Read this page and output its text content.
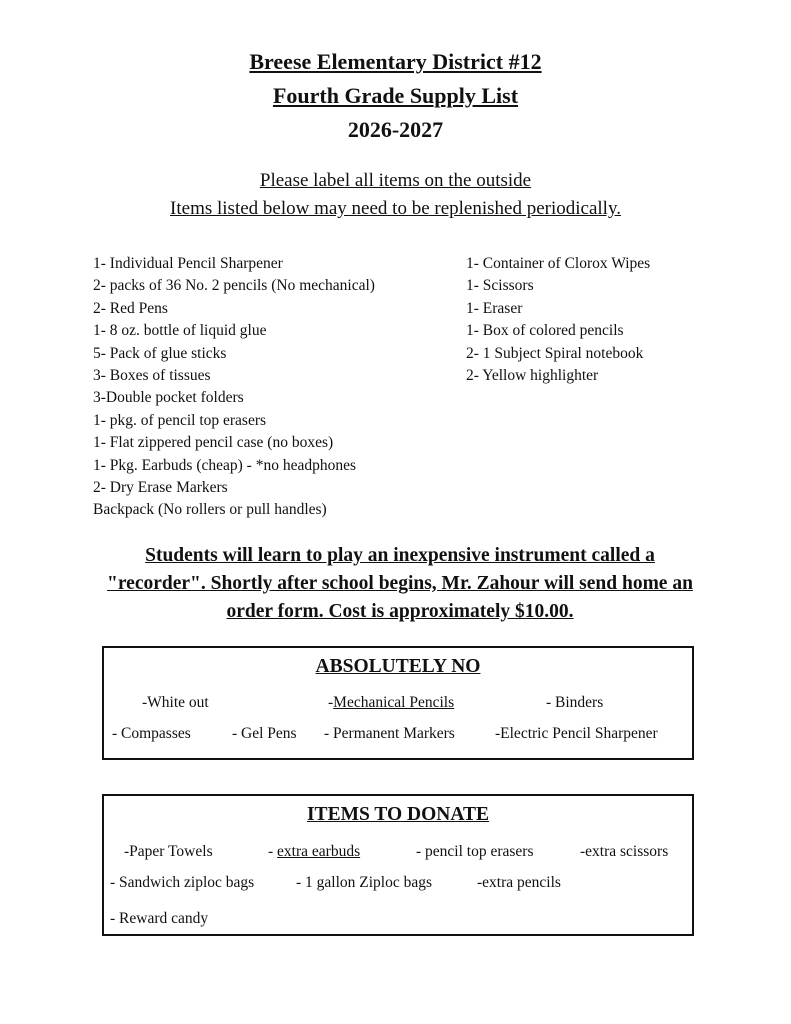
Breese Elementary District #12
Fourth Grade Supply List
2026-2027
Please label all items on the outside
Items listed below may need to be replenished periodically.
1- Individual Pencil Sharpener
2- packs of 36 No. 2 pencils (No mechanical)
2- Red Pens
1- 8 oz. bottle of liquid glue
5- Pack of glue sticks
3- Boxes of tissues
3-Double pocket folders
1- pkg. of pencil top erasers
1- Flat zippered pencil case (no boxes)
1- Pkg. Earbuds (cheap) - *no headphones
2- Dry Erase Markers
Backpack (No rollers or pull handles)
1- Container of Clorox Wipes
1- Scissors
1- Eraser
1- Box of colored pencils
2- 1 Subject Spiral notebook
2- Yellow highlighter
Students will learn to play an inexpensive instrument called a
"recorder". Shortly after school begins, Mr. Zahour will send home an
order form. Cost is approximately $10.00.
ABSOLUTELY NO
-White out	-Mechanical Pencils	- Binders
- Compasses	- Gel Pens - Permanent Markers	-Electric Pencil Sharpener
ITEMS TO DONATE
-Paper Towels	- extra earbuds	- pencil top erasers	-extra scissors
- Sandwich ziploc bags	- 1 gallon Ziploc bags	-extra pencils
- Reward candy
